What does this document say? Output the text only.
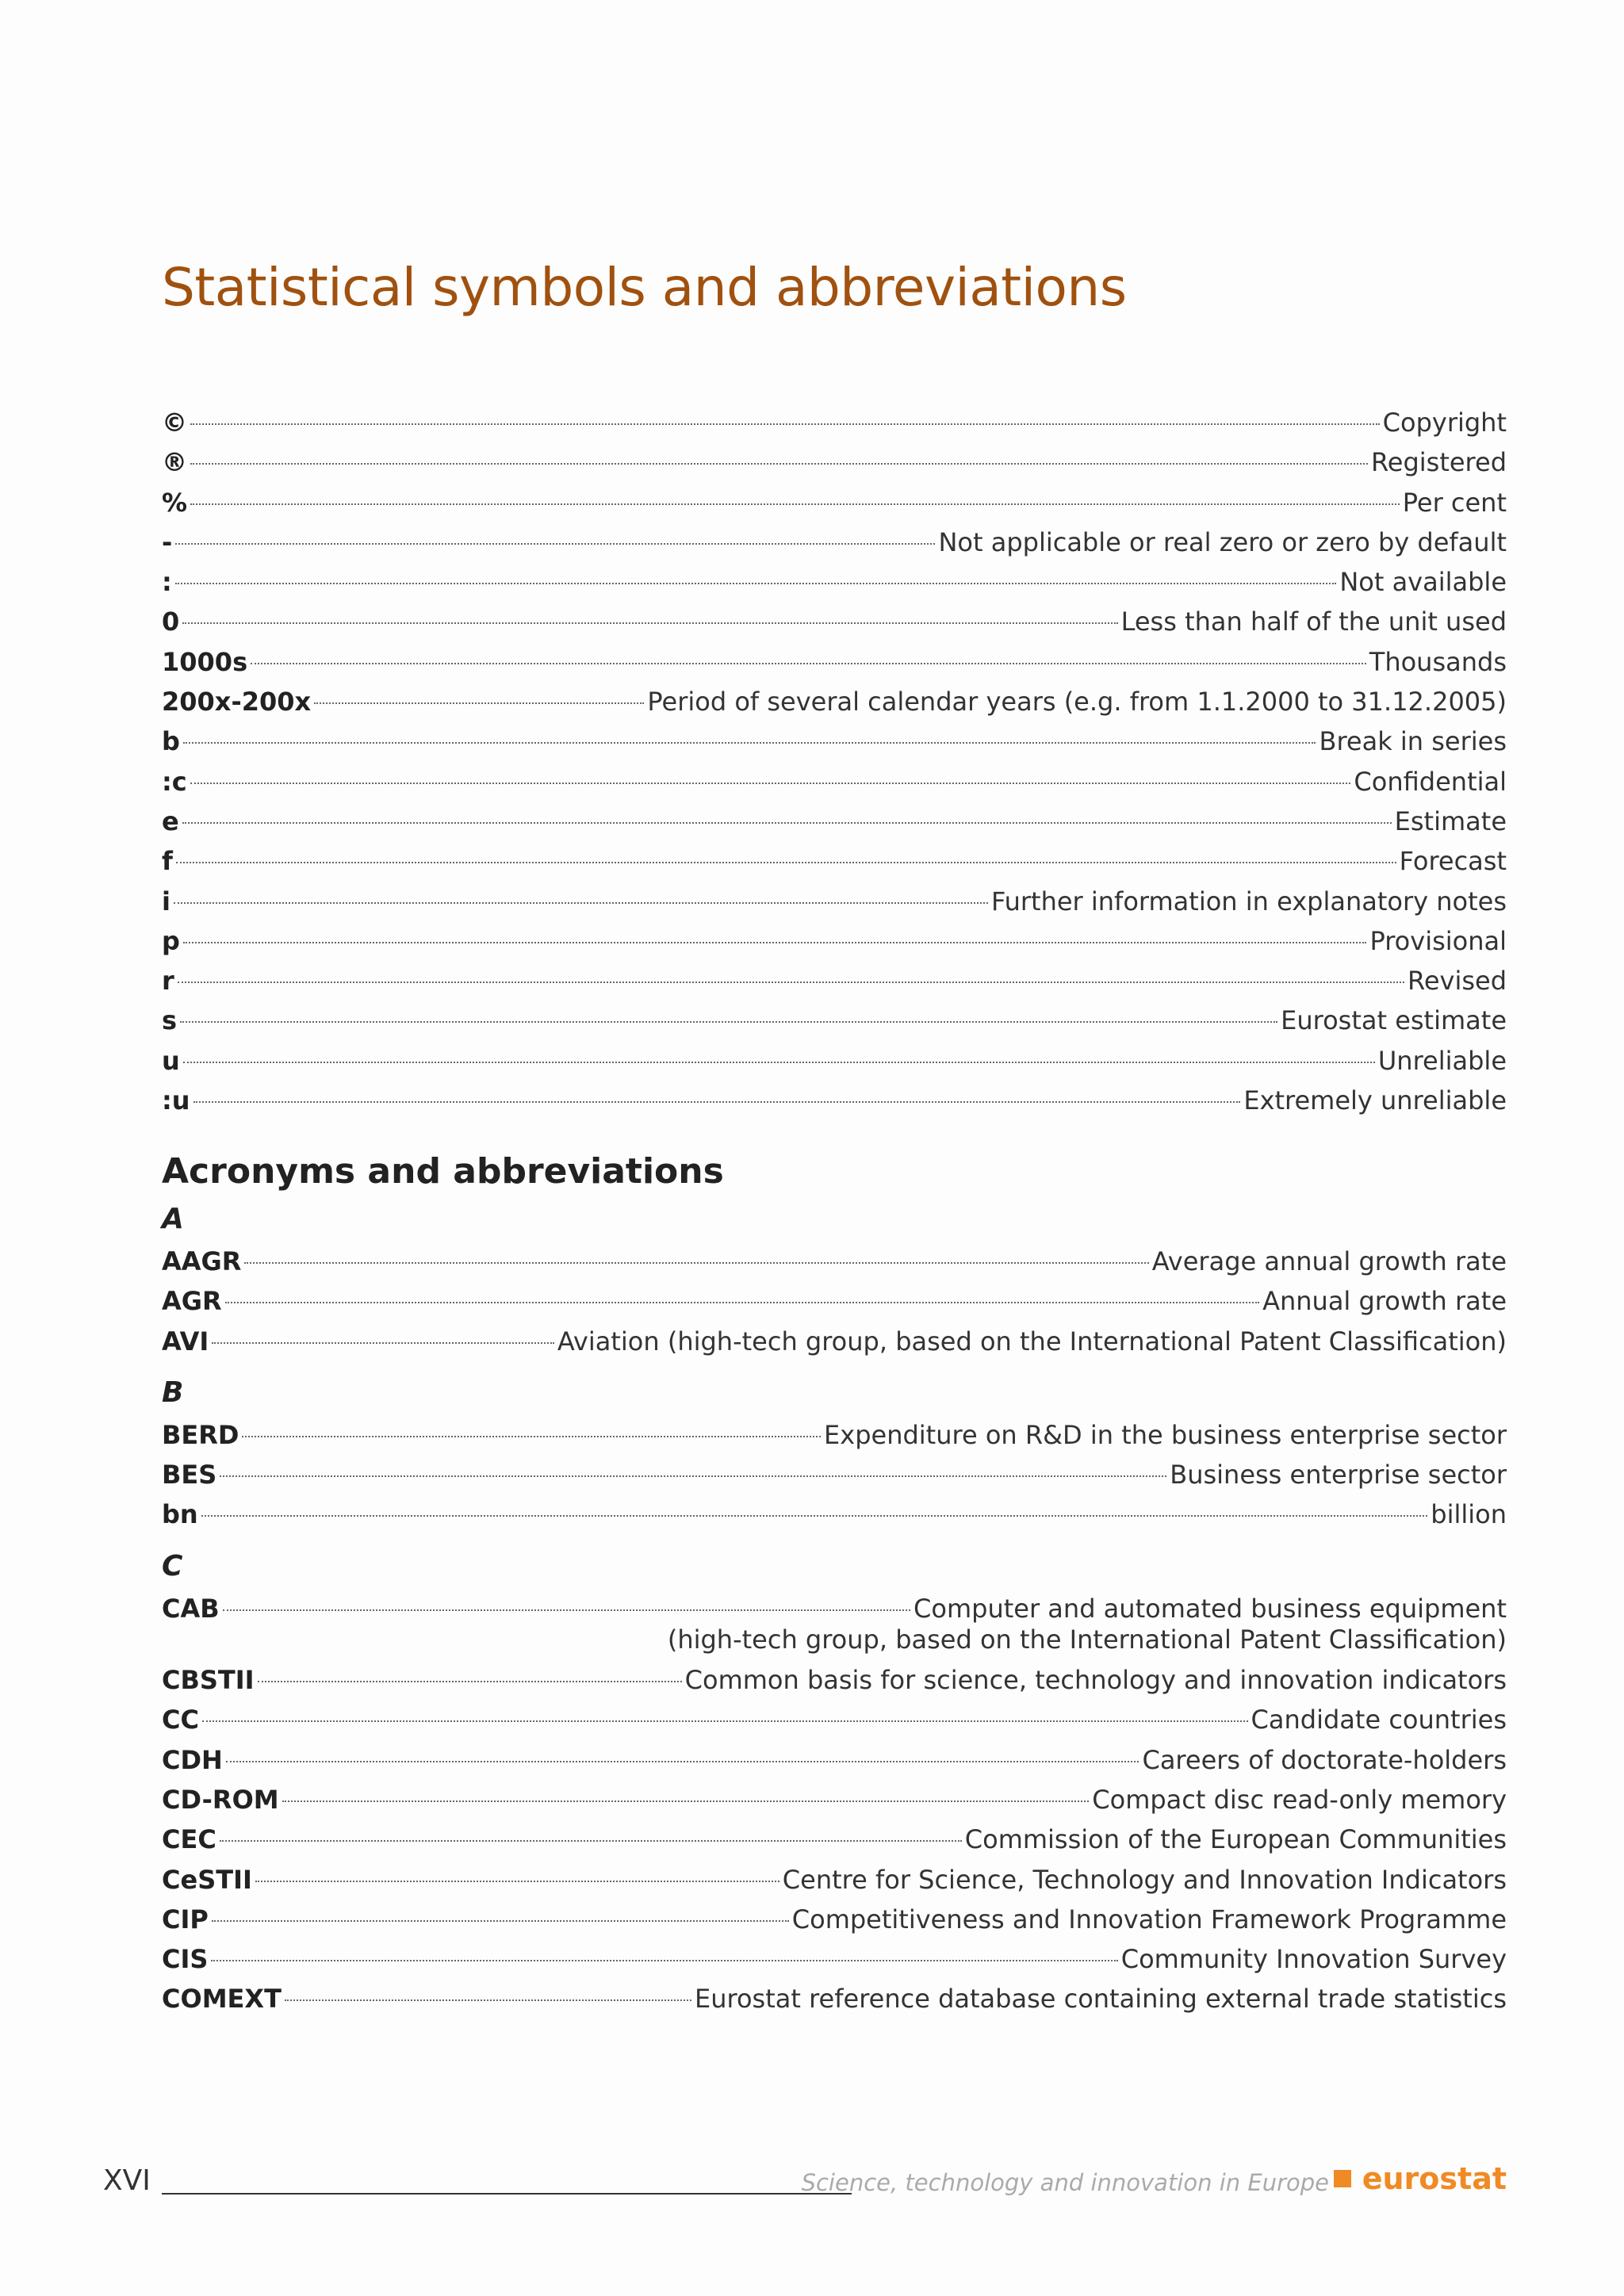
Statistical symbols and abbreviations
©	Copyright
®	Registered
%	Per cent
-	Not applicable or real zero or zero by default
:	Not available
0	Less than half of the unit used
1000s	Thousands
200x-200x	Period of several calendar years (e.g. from 1.1.2000 to 31.12.2005)
b	Break in series
:c	Confidential
e	Estimate
f	Forecast
i	Further information in explanatory notes
p	Provisional
r	Revised
s	Eurostat estimate
u	Unreliable
:u	Extremely unreliable
Acronyms and abbreviations
A
AAGR	Average annual growth rate
AGR	Annual growth rate
AVI	Aviation (high-tech group, based on the International Patent Classification)
B
BERD	Expenditure on R&D in the business enterprise sector
BES	Business enterprise sector
bn	billion
C
CAB	Computer and automated business equipment
(high-tech group, based on the International Patent Classification)
CBSTII	Common basis for science, technology and innovation indicators
CC	Candidate countries
CDH	Careers of doctorate-holders
CD-ROM	Compact disc read-only memory
CEC	Commission of the European Communities
CeSTII	Centre for Science, Technology and Innovation Indicators
CIP	Competitiveness and Innovation Framework Programme
CIS	Community Innovation Survey
COMEXT	Eurostat reference database containing external trade statistics
XVI	Science, technology and innovation in Europe eurostat
